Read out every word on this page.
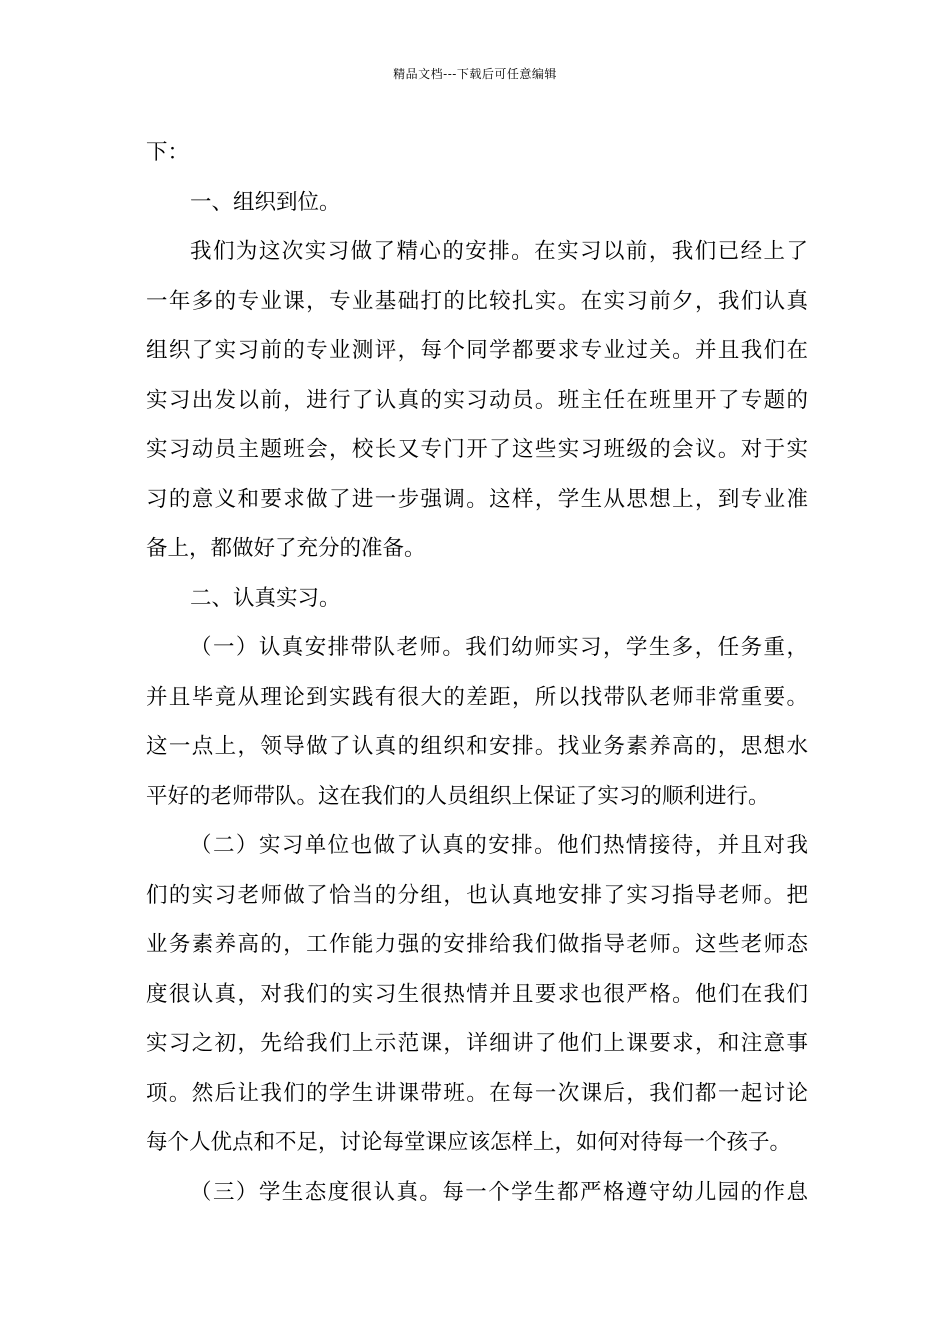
精品文档---下载后可任意编辑
下：
一、组织到位。
我们为这次实习做了精心的安排。在实习以前，我们已经上了
一年多的专业课，专业基础打的比较扎实。在实习前夕，我们认真
组织了实习前的专业测评，每个同学都要求专业过关。并且我们在
实习出发以前，进行了认真的实习动员。班主任在班里开了专题的
实习动员主题班会，校长又专门开了这些实习班级的会议。对于实
习的意义和要求做了进一步强调。这样，学生从思想上，到专业准
备上，都做好了充分的准备。
二、认真实习。
（一）认真安排带队老师。我们幼师实习，学生多，任务重，
并且毕竟从理论到实践有很大的差距，所以找带队老师非常重要。
这一点上，领导做了认真的组织和安排。找业务素养高的，思想水
平好的老师带队。这在我们的人员组织上保证了实习的顺利进行。
（二）实习单位也做了认真的安排。他们热情接待，并且对我
们的实习老师做了恰当的分组，也认真地安排了实习指导老师。把
业务素养高的，工作能力强的安排给我们做指导老师。这些老师态
度很认真，对我们的实习生很热情并且要求也很严格。他们在我们
实习之初，先给我们上示范课，详细讲了他们上课要求，和注意事
项。然后让我们的学生讲课带班。在每一次课后，我们都一起讨论
每个人优点和不足，讨论每堂课应该怎样上，如何对待每一个孩子。
（三）学生态度很认真。每一个学生都严格遵守幼儿园的作息
